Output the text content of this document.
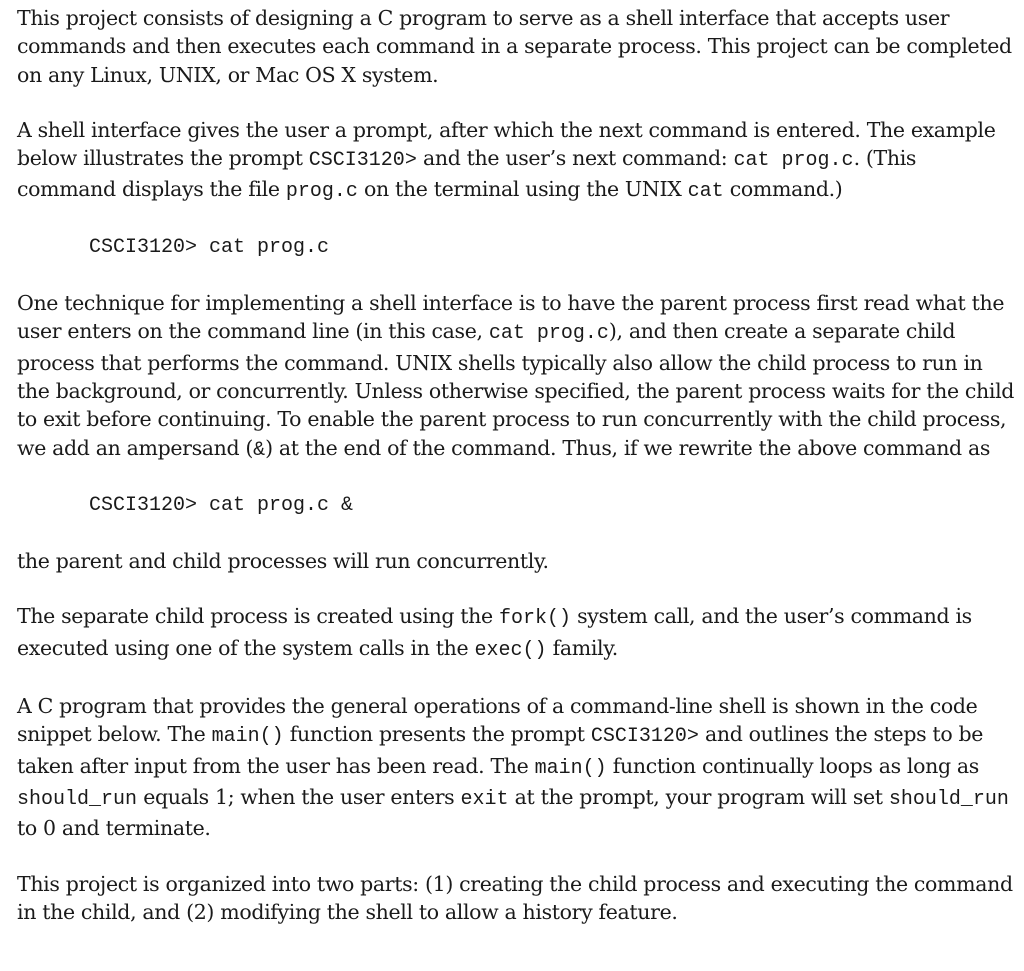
This project consists of designing a C program to serve as a shell interface that accepts user commands and then executes each command in a separate process. This project can be completed on any Linux, UNIX, or Mac OS X system.

A shell interface gives the user a prompt, after which the next command is entered. The example below illustrates the prompt CSCI3120> and the user’s next command: cat prog.c. (This command displays the file prog.c on the terminal using the UNIX cat command.)

CSCI3120> cat prog.c

One technique for implementing a shell interface is to have the parent process first read what the user enters on the command line (in this case, cat prog.c), and then create a separate child process that performs the command. UNIX shells typically also allow the child process to run in the background, or concurrently. Unless otherwise specified, the parent process waits for the child to exit before continuing. To enable the parent process to run concurrently with the child process, we add an ampersand (&) at the end of the command. Thus, if we rewrite the above command as

CSCI3120> cat prog.c &

the parent and child processes will run concurrently.

The separate child process is created using the fork() system call, and the user’s command is executed using one of the system calls in the exec() family.

A C program that provides the general operations of a command-line shell is shown in the code snippet below. The main() function presents the prompt CSCI3120> and outlines the steps to be taken after input from the user has been read. The main() function continually loops as long as should_run equals 1; when the user enters exit at the prompt, your program will set should_run to 0 and terminate.

This project is organized into two parts: (1) creating the child process and executing the command in the child, and (2) modifying the shell to allow a history feature.
